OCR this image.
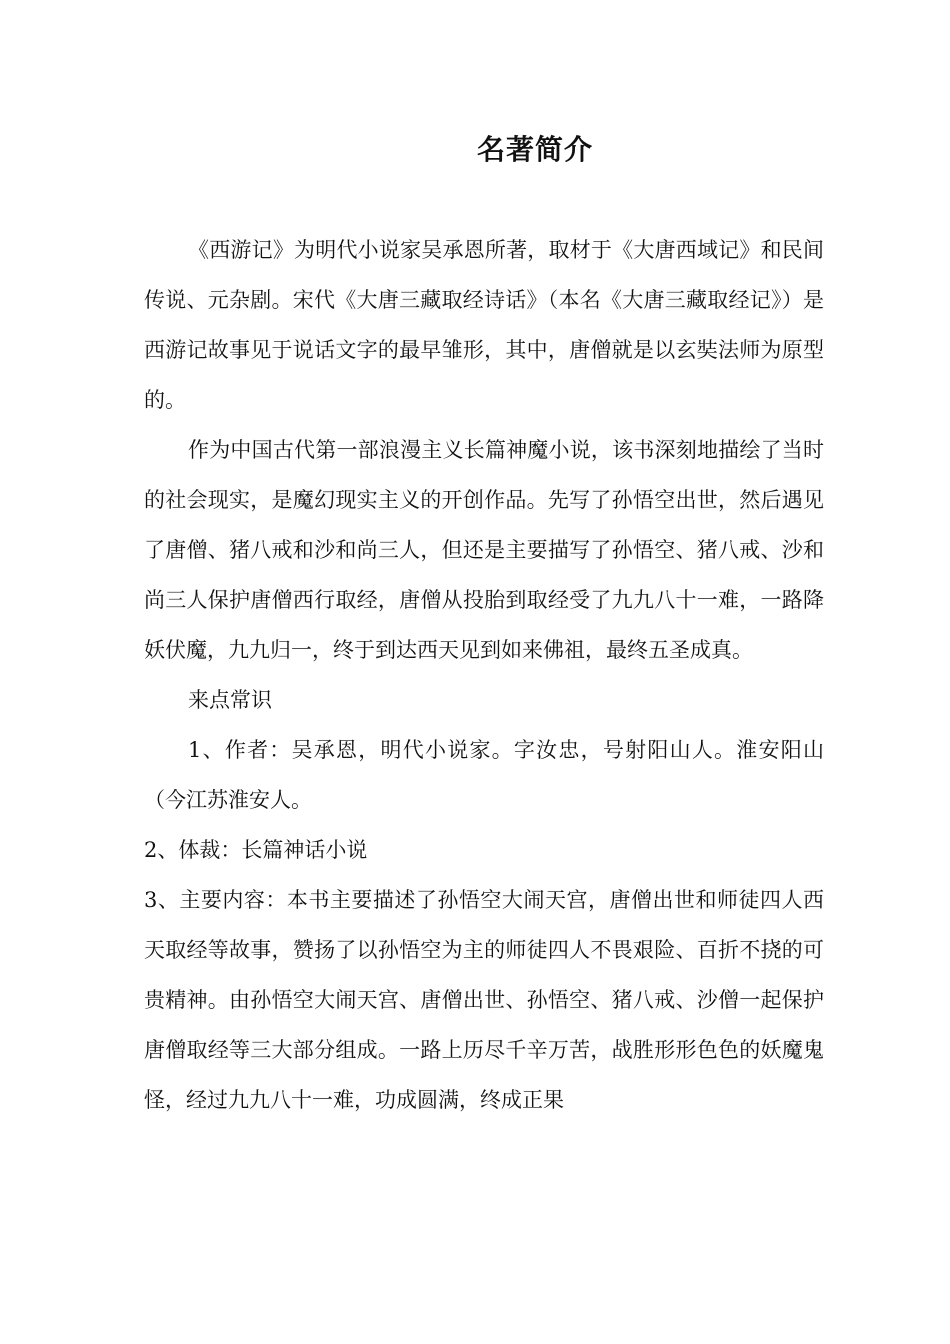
名著简介

《西游记》为明代小说家吴承恩所著，取材于《大唐西域记》和民间传说、元杂剧。宋代《大唐三藏取经诗话》（本名《大唐三藏取经记》）是西游记故事见于说话文字的最早雏形，其中，唐僧就是以玄奘法师为原型的。

作为中国古代第一部浪漫主义长篇神魔小说，该书深刻地描绘了当时的社会现实，是魔幻现实主义的开创作品。先写了孙悟空出世，然后遇见了唐僧、猪八戒和沙和尚三人，但还是主要描写了孙悟空、猪八戒、沙和尚三人保护唐僧西行取经，唐僧从投胎到取经受了九九八十一难，一路降妖伏魔，九九归一，终于到达西天见到如来佛祖，最终五圣成真。

来点常识

1、作者：吴承恩，明代小说家。字汝忠，号射阳山人。淮安阳山（今江苏淮安人。

2、体裁：长篇神话小说

3、主要内容：本书主要描述了孙悟空大闹天宫，唐僧出世和师徒四人西天取经等故事，赞扬了以孙悟空为主的师徒四人不畏艰险、百折不挠的可贵精神。由孙悟空大闹天宫、唐僧出世、孙悟空、猪八戒、沙僧一起保护唐僧取经等三大部分组成。一路上历尽千辛万苦，战胜形形色色的妖魔鬼怪，经过九九八十一难，功成圆满，终成正果
